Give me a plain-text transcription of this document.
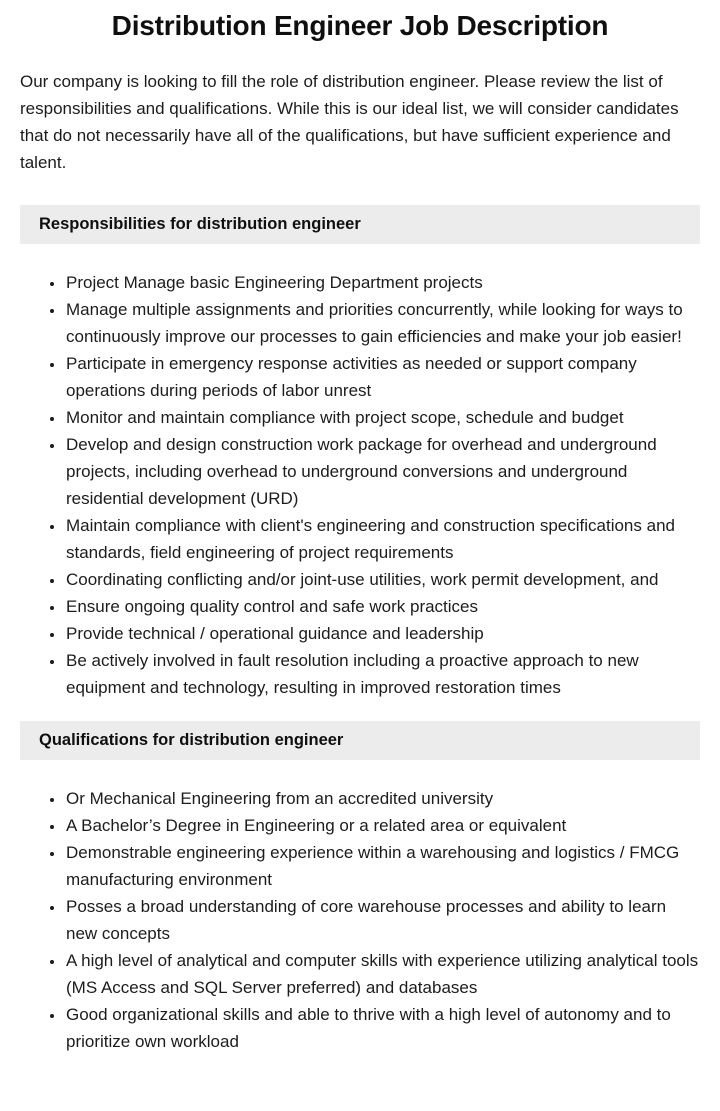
Distribution Engineer Job Description

Our company is looking to fill the role of distribution engineer. Please review the list of responsibilities and qualifications. While this is our ideal list, we will consider candidates that do not necessarily have all of the qualifications, but have sufficient experience and talent.

Responsibilities for distribution engineer
• Project Manage basic Engineering Department projects
• Manage multiple assignments and priorities concurrently, while looking for ways to continuously improve our processes to gain efficiencies and make your job easier!
• Participate in emergency response activities as needed or support company operations during periods of labor unrest
• Monitor and maintain compliance with project scope, schedule and budget
• Develop and design construction work package for overhead and underground projects, including overhead to underground conversions and underground residential development (URD)
• Maintain compliance with client's engineering and construction specifications and standards, field engineering of project requirements
• Coordinating conflicting and/or joint-use utilities, work permit development, and
• Ensure ongoing quality control and safe work practices
• Provide technical / operational guidance and leadership
• Be actively involved in fault resolution including a proactive approach to new equipment and technology, resulting in improved restoration times
Qualifications for distribution engineer
• Or Mechanical Engineering from an accredited university
• A Bachelor’s Degree in Engineering or a related area or equivalent
• Demonstrable engineering experience within a warehousing and logistics / FMCG manufacturing environment
• Posses a broad understanding of core warehouse processes and ability to learn new concepts
• A high level of analytical and computer skills with experience utilizing analytical tools (MS Access and SQL Server preferred) and databases
• Good organizational skills and able to thrive with a high level of autonomy and to prioritize own workload
